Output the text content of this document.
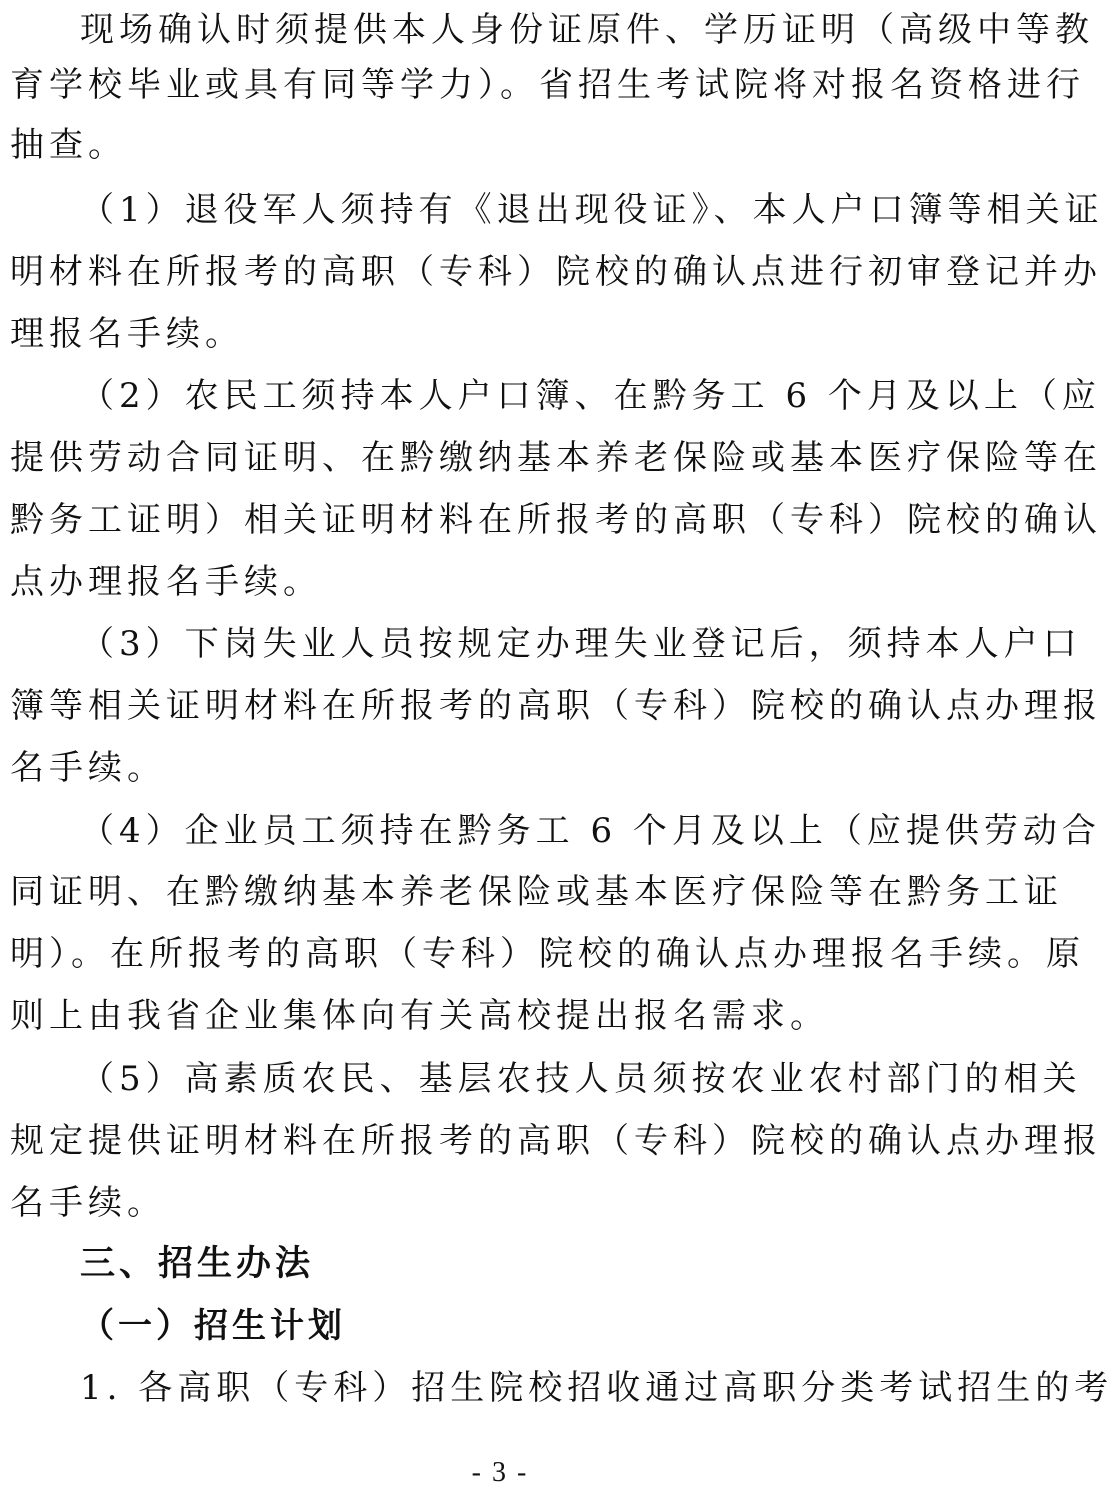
现场确认时须提供本人身份证原件、学历证明（高级中等教
育学校毕业或具有同等学力）。省招生考试院将对报名资格进行
抽查。
（1）退役军人须持有《退出现役证》、本人户口簿等相关证
明材料在所报考的高职（专科）院校的确认点进行初审登记并办
理报名手续。
（2）农民工须持本人户口簿、在黔务工 6 个月及以上（应
提供劳动合同证明、在黔缴纳基本养老保险或基本医疗保险等在
黔务工证明）相关证明材料在所报考的高职（专科）院校的确认
点办理报名手续。
（3）下岗失业人员按规定办理失业登记后，须持本人户口
簿等相关证明材料在所报考的高职（专科）院校的确认点办理报
名手续。
（4）企业员工须持在黔务工 6 个月及以上（应提供劳动合
同证明、在黔缴纳基本养老保险或基本医疗保险等在黔务工证
明）。在所报考的高职（专科）院校的确认点办理报名手续。原
则上由我省企业集体向有关高校提出报名需求。
（5）高素质农民、基层农技人员须按农业农村部门的相关
规定提供证明材料在所报考的高职（专科）院校的确认点办理报
名手续。
三、招生办法
（一）招生计划
1. 各高职（专科）招生院校招收通过高职分类考试招生的考
- 3 -
